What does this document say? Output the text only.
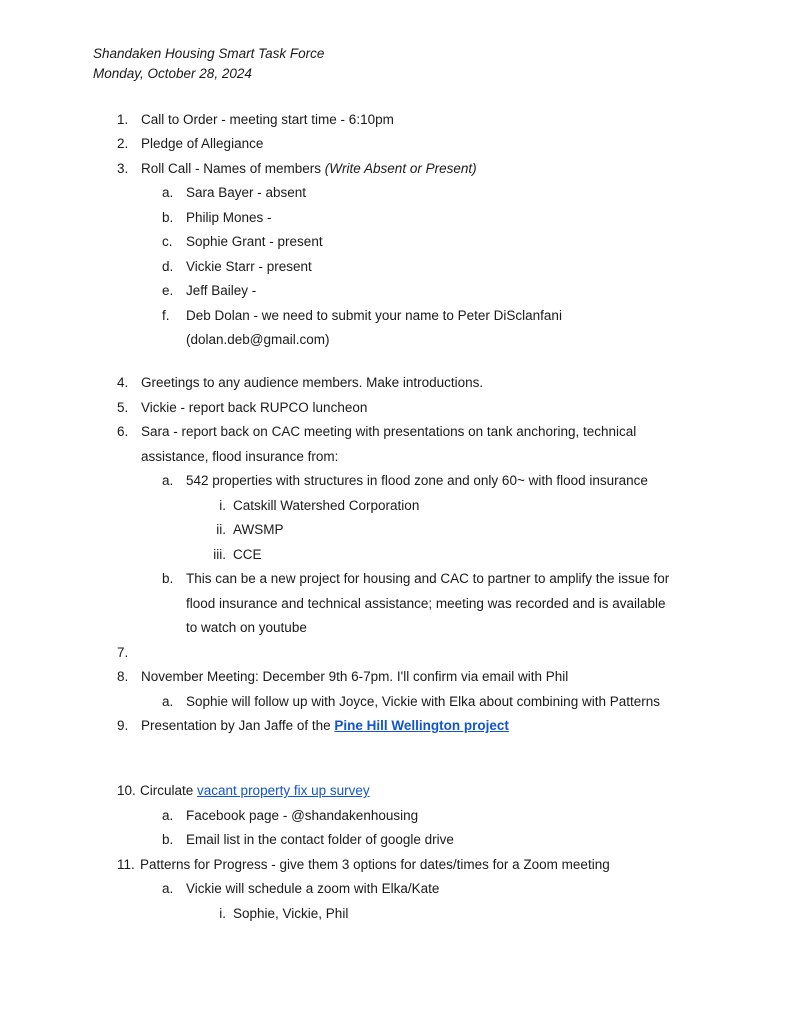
Shandaken Housing Smart Task Force
Monday, October 28, 2024
1. Call to Order - meeting start time - 6:10pm
2. Pledge of Allegiance
3. Roll Call - Names of members (Write Absent or Present)
a. Sara Bayer - absent
b. Philip Mones -
c. Sophie Grant - present
d. Vickie Starr - present
e. Jeff Bailey -
f. Deb Dolan - we need to submit your name to Peter DiSclanfani
(dolan.deb@gmail.com)
4. Greetings to any audience members. Make introductions.
5. Vickie - report back RUPCO luncheon
6. Sara - report back on CAC meeting with presentations on tank anchoring, technical
assistance, flood insurance from:
a. 542 properties with structures in flood zone and only 60~ with flood insurance
i. Catskill Watershed Corporation
ii. AWSMP
iii. CCE
b. This can be a new project for housing and CAC to partner to amplify the issue for
flood insurance and technical assistance; meeting was recorded and is available
to watch on youtube
7.
8. November Meeting: December 9th 6-7pm. I'll confirm via email with Phil
a. Sophie will follow up with Joyce, Vickie with Elka about combining with Patterns
9. Presentation by Jan Jaffe of the Pine Hill Wellington project
10. Circulate vacant property fix up survey
a. Facebook page - @shandakenhousing
b. Email list in the contact folder of google drive
11. Patterns for Progress - give them 3 options for dates/times for a Zoom meeting
a. Vickie will schedule a zoom with Elka/Kate
i. Sophie, Vickie, Phil
